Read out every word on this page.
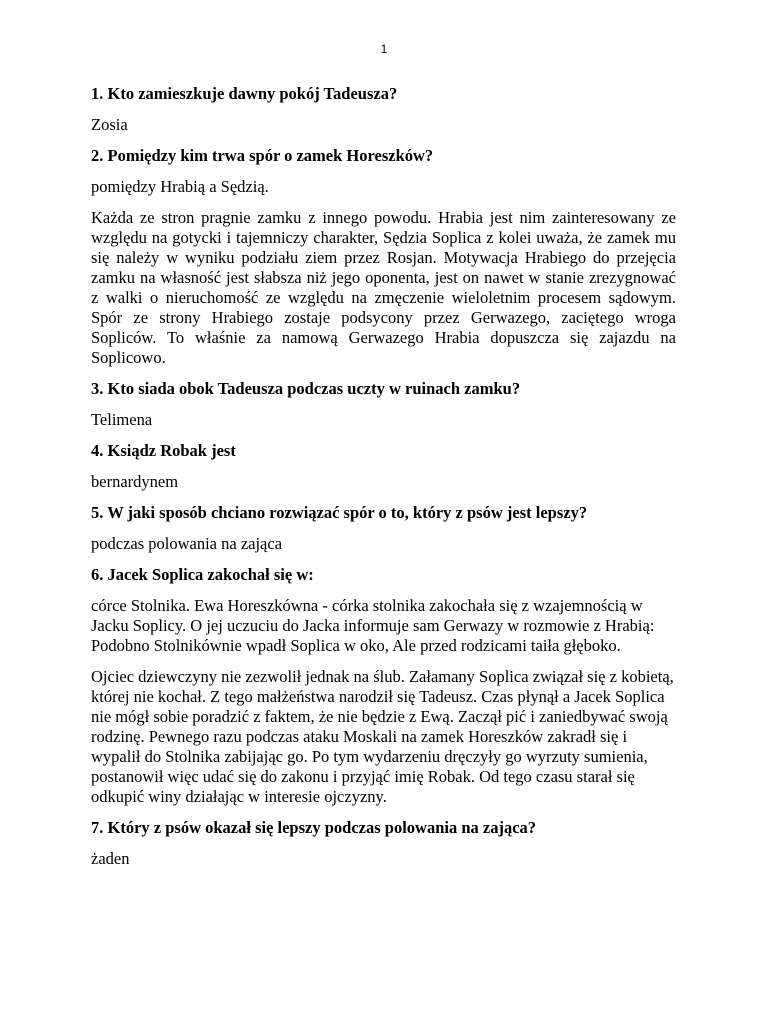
1

1. Kto zamieszkuje dawny pokój Tadeusza?

Zosia

2. Pomiędzy kim trwa spór o zamek Horeszków?

pomiędzy Hrabią a Sędzią.

Każda ze stron pragnie zamku z innego powodu. Hrabia jest nim zainteresowany ze względu na gotycki i tajemniczy charakter, Sędzia Soplica z kolei uważa, że zamek mu się należy w wyniku podziału ziem przez Rosjan. Motywacja Hrabiego do przejęcia zamku na własność jest słabsza niż jego oponenta, jest on nawet w stanie zrezygnować z walki o nieruchomość ze względu na zmęczenie wieloletnim procesem sądowym. Spór ze strony Hrabiego zostaje podsycony przez Gerwazego, zaciętego wroga Sopliców. To właśnie za namową Gerwazego Hrabia dopuszcza się zajazdu na Soplicowo.

3. Kto siada obok Tadeusza podczas uczty w ruinach zamku?

Telimena

4. Ksiądz Robak jest

bernardynem

5. W jaki sposób chciano rozwiązać spór o to, który z psów jest lepszy?

podczas polowania na zająca

6. Jacek Soplica zakochał się w:

córce Stolnika. Ewa Horeszkówna - córka stolnika zakochała się z wzajemnością w Jacku Soplicy. O jej uczuciu do Jacka informuje sam Gerwazy w rozmowie z Hrabią: Podobno Stolnikównie wpadł Soplica w oko, Ale przed rodzicami taiła głęboko.

Ojciec dziewczyny nie zezwolił jednak na ślub. Załamany Soplica związał się z kobietą, której nie kochał. Z tego małżeństwa narodził się Tadeusz. Czas płynął a Jacek Soplica nie mógł sobie poradzić z faktem, że nie będzie z Ewą. Zaczął pić i zaniedbywać swoją rodzinę. Pewnego razu podczas ataku Moskali na zamek Horeszków zakradł się i wypalił do Stolnika zabijając go. Po tym wydarzeniu dręczyły go wyrzuty sumienia, postanowił więc udać się do zakonu i przyjąć imię Robak. Od tego czasu starał się odkupić winy działając w interesie ojczyzny.

7. Który z psów okazał się lepszy podczas polowania na zająca?

żaden
